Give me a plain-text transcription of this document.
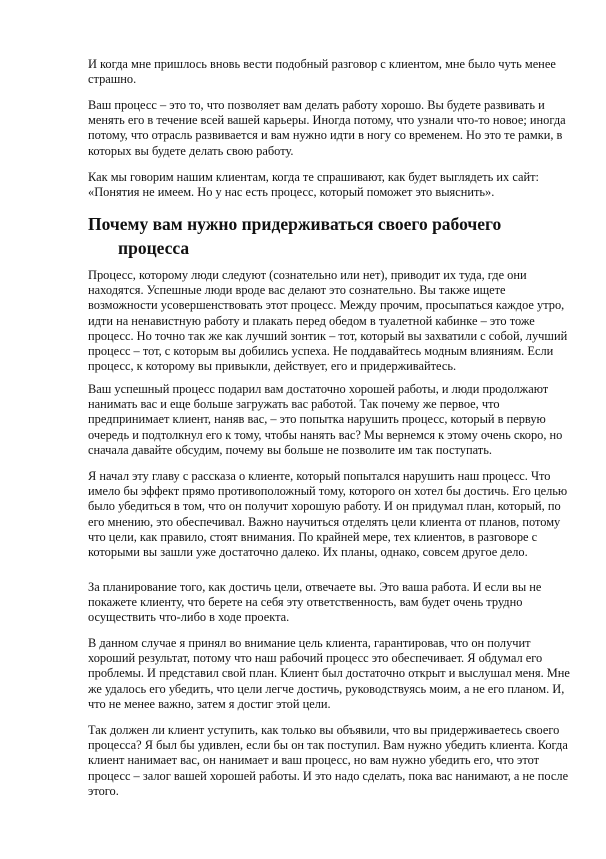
И когда мне пришлось вновь вести подобный разговор с клиентом, мне было чуть менее страшно.

Ваш процесс – это то, что позволяет вам делать работу хорошо. Вы будете развивать и менять его в течение всей вашей карьеры. Иногда потому, что узнали что-то новое; иногда потому, что отрасль развивается и вам нужно идти в ногу со временем. Но это те рамки, в которых вы будете делать свою работу.

Как мы говорим нашим клиентам, когда те спрашивают, как будет выглядеть их сайт: «Понятия не имеем. Но у нас есть процесс, который поможет это выяснить».

Почему вам нужно придерживаться своего рабочего
процесса

Процесс, которому люди следуют (сознательно или нет), приводит их туда, где они находятся. Успешные люди вроде вас делают это сознательно. Вы также ищете возможности усовершенствовать этот процесс. Между прочим, просыпаться каждое утро, идти на ненавистную работу и плакать перед обедом в туалетной кабинке – это тоже процесс. Но точно так же как лучший зонтик – тот, который вы захватили с собой, лучший процесс – тот, с которым вы добились успеха. Не поддавайтесь модным влияниям. Если процесс, к которому вы привыкли, действует, его и придерживайтесь.

Ваш успешный процесс подарил вам достаточно хорошей работы, и люди продолжают нанимать вас и еще больше загружать вас работой. Так почему же первое, что предпринимает клиент, наняв вас, – это попытка нарушить процесс, который в первую очередь и подтолкнул его к тому, чтобы нанять вас? Мы вернемся к этому очень скоро, но сначала давайте обсудим, почему вы больше не позволите им так поступать.

Я начал эту главу с рассказа о клиенте, который попытался нарушить наш процесс. Что имело бы эффект прямо противоположный тому, которого он хотел бы достичь. Его целью было убедиться в том, что он получит хорошую работу. И он придумал план, который, по его мнению, это обеспечивал. Важно научиться отделять цели клиента от планов, потому что цели, как правило, стоят внимания. По крайней мере, тех клиентов, в разговоре с которыми вы зашли уже достаточно далеко. Их планы, однако, совсем другое дело.

За планирование того, как достичь цели, отвечаете вы. Это ваша работа. И если вы не покажете клиенту, что берете на себя эту ответственность, вам будет очень трудно осуществить что-либо в ходе проекта.

В данном случае я принял во внимание цель клиента, гарантировав, что он получит хороший результат, потому что наш рабочий процесс это обеспечивает. Я обдумал его проблемы. И представил свой план. Клиент был достаточно открыт и выслушал меня. Мне же удалось его убедить, что цели легче достичь, руководствуясь моим, а не его планом. И, что не менее важно, затем я достиг этой цели.

Так должен ли клиент уступить, как только вы объявили, что вы придерживаетесь своего процесса? Я был бы удивлен, если бы он так поступил. Вам нужно убедить клиента. Когда клиент нанимает вас, он нанимает и ваш процесс, но вам нужно убедить его, что этот процесс – залог вашей хорошей работы. И это надо сделать, пока вас нанимают, а не после этого.
